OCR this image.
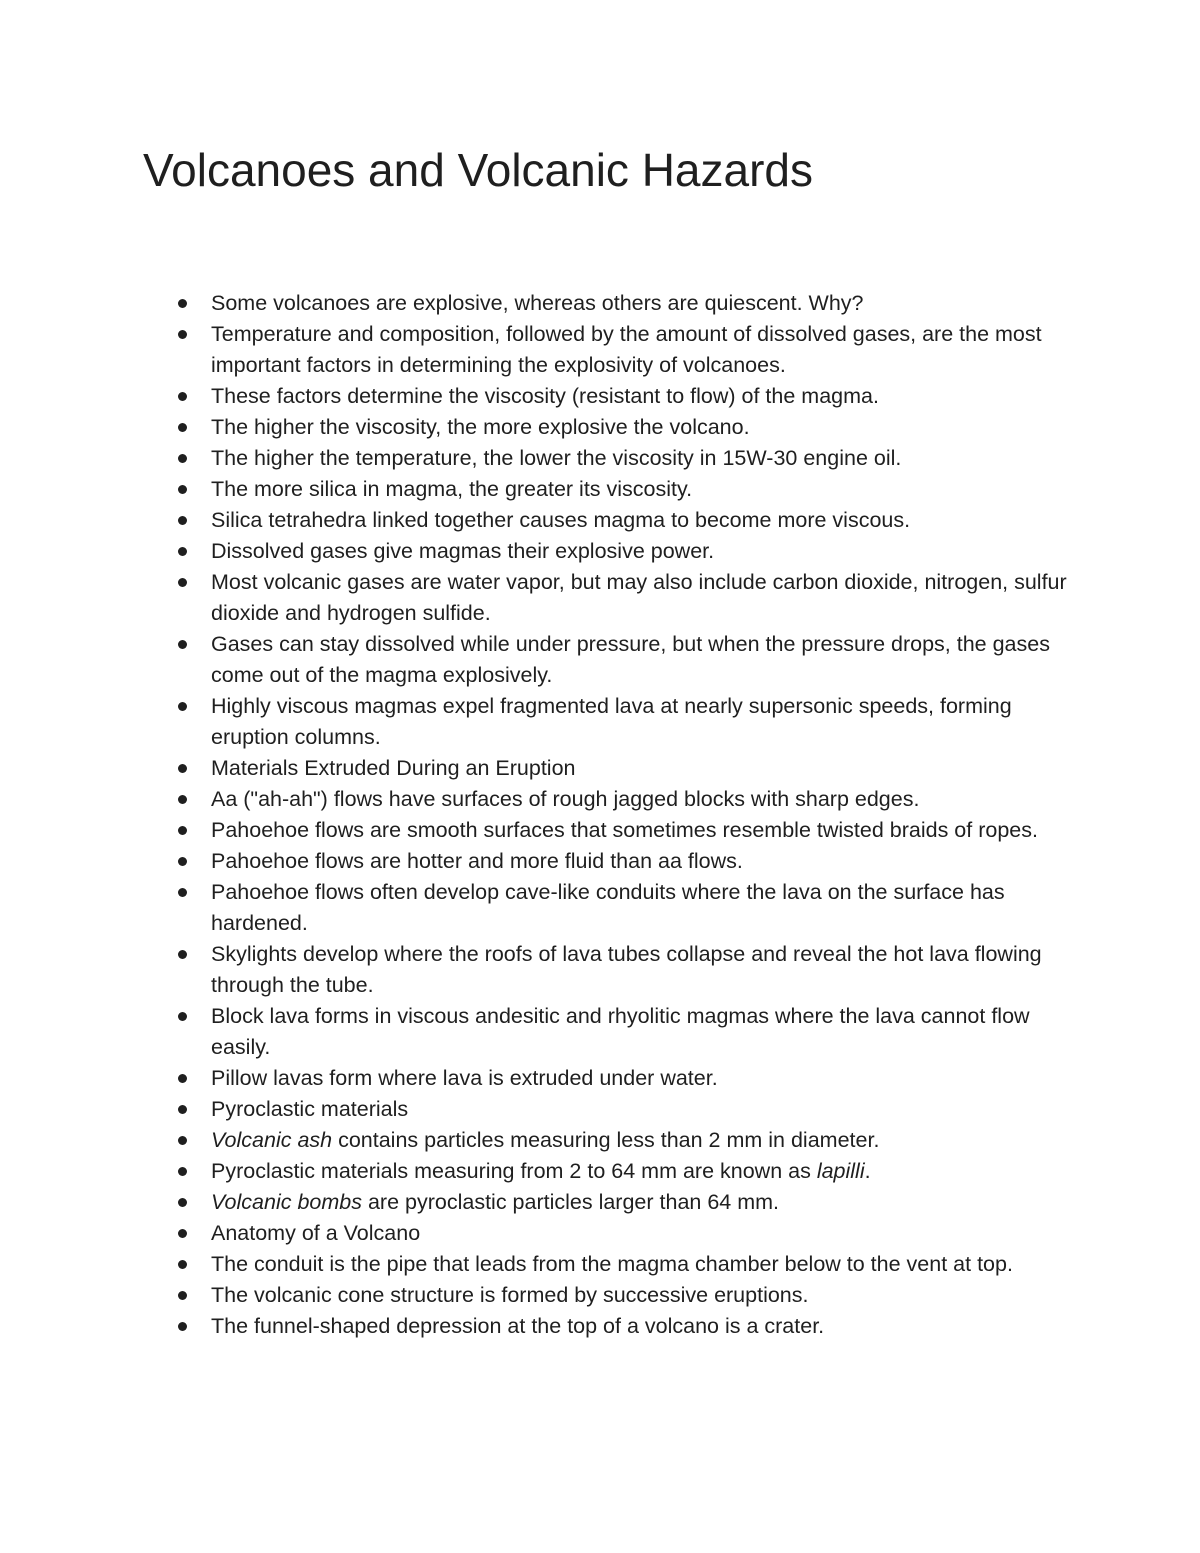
Volcanoes and Volcanic Hazards
Some volcanoes are explosive, whereas others are quiescent. Why?
Temperature and composition, followed by the amount of dissolved gases, are the most important factors in determining the explosivity of volcanoes.
These factors determine the viscosity (resistant to flow) of the magma.
The higher the viscosity, the more explosive the volcano.
The higher the temperature, the lower the viscosity in 15W-30 engine oil.
The more silica in magma, the greater its viscosity.
Silica tetrahedra linked together causes magma to become more viscous.
Dissolved gases give magmas their explosive power.
Most volcanic gases are water vapor, but may also include carbon dioxide, nitrogen, sulfur dioxide and hydrogen sulfide.
Gases can stay dissolved while under pressure, but when the pressure drops, the gases come out of the magma explosively.
Highly viscous magmas expel fragmented lava at nearly supersonic speeds, forming eruption columns.
Materials Extruded During an Eruption
Aa ("ah-ah") flows have surfaces of rough jagged blocks with sharp edges.
Pahoehoe flows are smooth surfaces that sometimes resemble twisted braids of ropes.
Pahoehoe flows are hotter and more fluid than aa flows.
Pahoehoe flows often develop cave-like conduits where the lava on the surface has hardened.
Skylights develop where the roofs of lava tubes collapse and reveal the hot lava flowing through the tube.
Block lava forms in viscous andesitic and rhyolitic magmas where the lava cannot flow easily.
Pillow lavas form where lava is extruded under water.
Pyroclastic materials
Volcanic ash contains particles measuring less than 2 mm in diameter.
Pyroclastic materials measuring from 2 to 64 mm are known as lapilli.
Volcanic bombs are pyroclastic particles larger than 64 mm.
Anatomy of a Volcano
The conduit is the pipe that leads from the magma chamber below to the vent at top.
The volcanic cone structure is formed by successive eruptions.
The funnel-shaped depression at the top of a volcano is a crater.
